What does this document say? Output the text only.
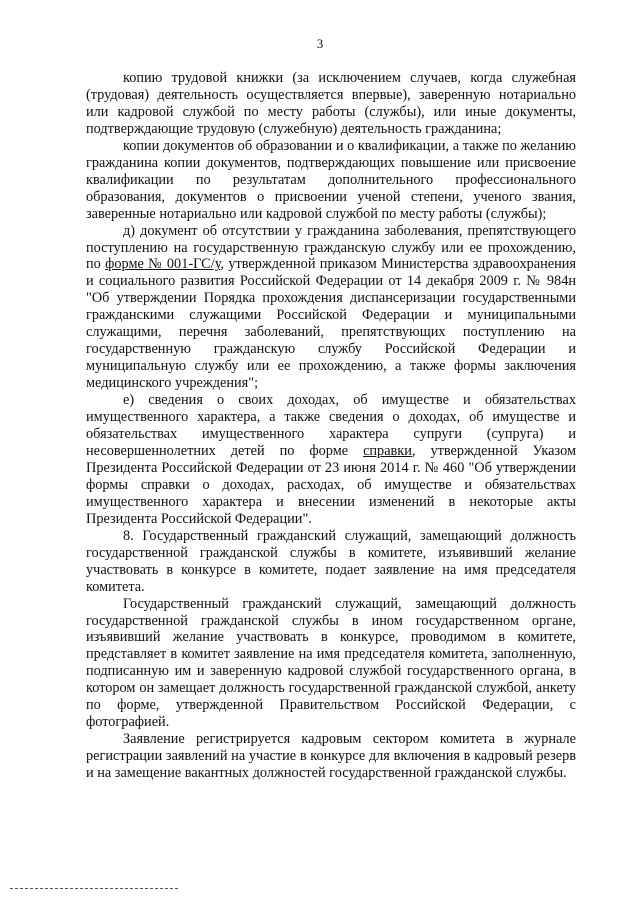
3

копию трудовой книжки (за исключением случаев, когда служебная (трудовая) деятельность осуществляется впервые), заверенную нотариально или кадровой службой по месту работы (службы), или иные документы, подтверждающие трудовую (служебную) деятельность гражданина;

копии документов об образовании и о квалификации, а также по желанию гражданина копии документов, подтверждающих повышение или присвоение квалификации по результатам дополнительного профессионального образования, документов о присвоении ученой степени, ученого звания, заверенные нотариально или кадровой службой по месту работы (службы);

д) документ об отсутствии у гражданина заболевания, препятствующего поступлению на государственную гражданскую службу или ее прохождению, по форме № 001-ГС/у, утвержденной приказом Министерства здравоохранения и социального развития Российской Федерации от 14 декабря 2009 г. № 984н "Об утверждении Порядка прохождения диспансеризации государственными гражданскими служащими Российской Федерации и муниципальными служащими, перечня заболеваний, препятствующих поступлению на государственную гражданскую службу Российской Федерации и муниципальную службу или ее прохождению, а также формы заключения медицинского учреждения";

е) сведения о своих доходах, об имуществе и обязательствах имущественного характера, а также сведения о доходах, об имуществе и обязательствах имущественного характера супруги (супруга) и несовершеннолетних детей по форме справки, утвержденной Указом Президента Российской Федерации от 23 июня 2014 г. № 460 "Об утверждении формы справки о доходах, расходах, об имуществе и обязательствах имущественного характера и внесении изменений в некоторые акты Президента Российской Федерации".

8. Государственный гражданский служащий, замещающий должность государственной гражданской службы в комитете, изъявивший желание участвовать в конкурсе в комитете, подает заявление на имя председателя комитета.

Государственный гражданский служащий, замещающий должность государственной гражданской службы в ином государственном органе, изъявивший желание участвовать в конкурсе, проводимом в комитете, представляет в комитет заявление на имя председателя комитета, заполненную, подписанную им и заверенную кадровой службой государственного органа, в котором он замещает должность государственной гражданской службой, анкету по форме, утвержденной Правительством Российской Федерации, с фотографией.

Заявление регистрируется кадровым сектором комитета в журнале регистрации заявлений на участие в конкурсе для включения в кадровый резерв и на замещение вакантных должностей государственной гражданской службы.
